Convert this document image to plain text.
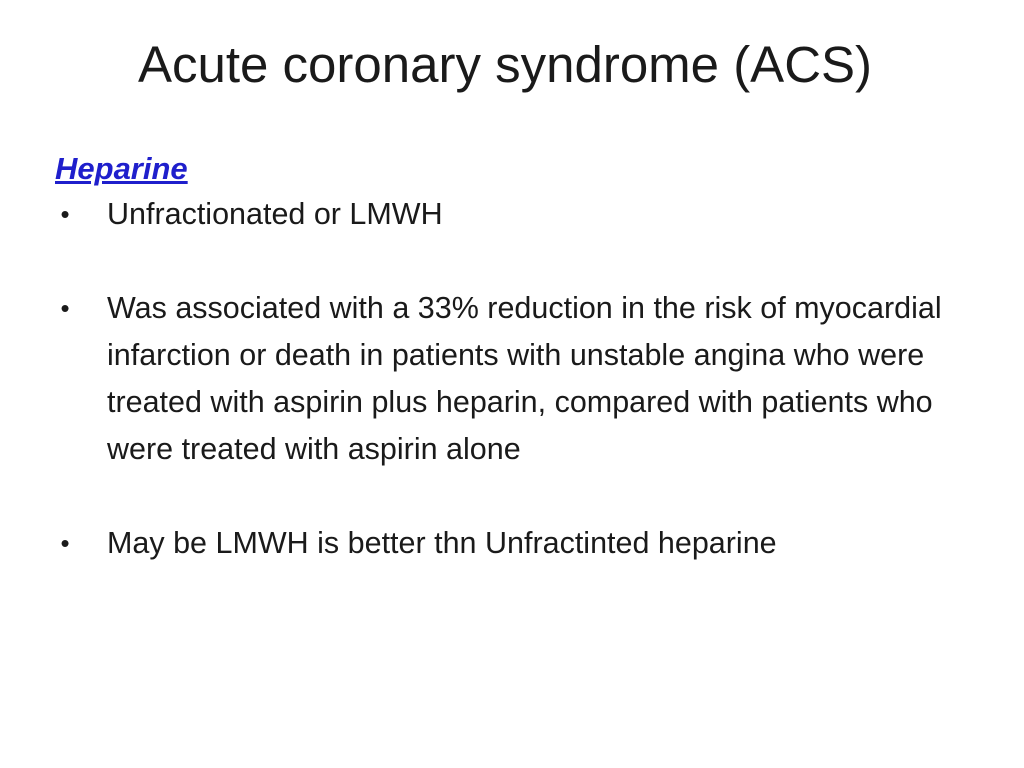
Acute coronary syndrome (ACS)
Heparine
• Unfractionated or LMWH
• Was associated with a 33% reduction in the risk of myocardial infarction or death in patients with unstable angina who were treated with aspirin plus heparin, compared with patients who were treated with aspirin alone
• May be LMWH is better thn Unfractinted heparine
